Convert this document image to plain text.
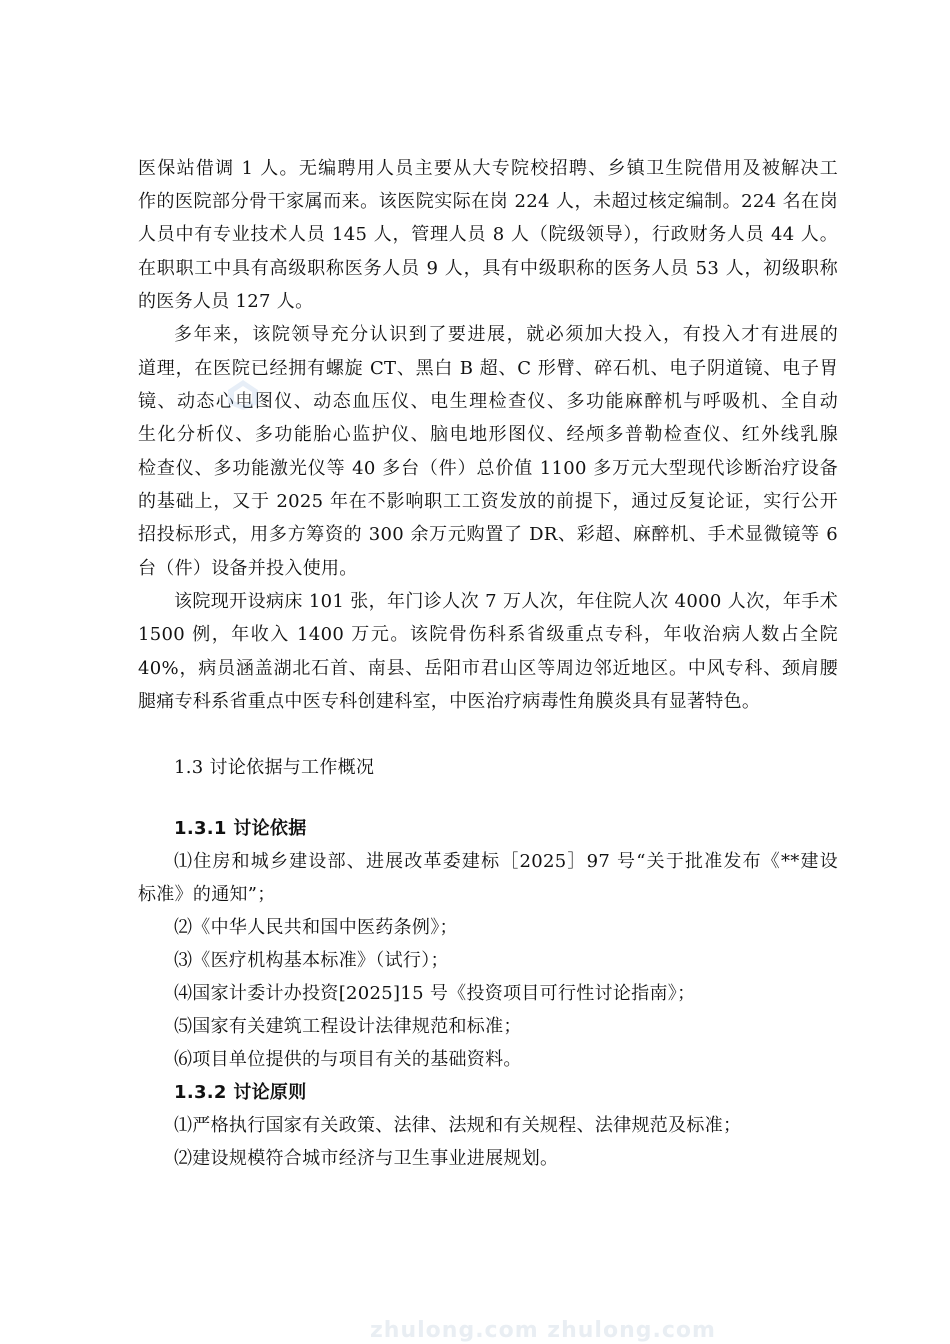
医保站借调 1 人。无编聘用人员主要从大专院校招聘、乡镇卫生院借用及被解决工
作的医院部分骨干家属而来。该医院实际在岗 224 人，未超过核定编制。224 名在岗
人员中有专业技术人员 145 人，管理人员 8 人（院级领导），行政财务人员 44 人。
在职职工中具有高级职称医务人员 9 人，具有中级职称的医务人员 53 人，初级职称
的医务人员 127 人。
多年来，该院领导充分认识到了要进展，就必须加大投入，有投入才有进展的
道理，在医院已经拥有螺旋 CT、黑白 B 超、C 形臂、碎石机、电子阴道镜、电子胃
镜、动态心电图仪、动态血压仪、电生理检查仪、多功能麻醉机与呼吸机、全自动
生化分析仪、多功能胎心监护仪、脑电地形图仪、经颅多普勒检查仪、红外线乳腺
检查仪、多功能激光仪等 40 多台（件）总价值 1100 多万元大型现代诊断治疗设备
的基础上，又于 2025 年在不影响职工工资发放的前提下，通过反复论证，实行公开
招投标形式，用多方筹资的 300 余万元购置了 DR、彩超、麻醉机、手术显微镜等 6
台（件）设备并投入使用。
该院现开设病床 101 张，年门诊人次 7 万人次，年住院人次 4000 人次，年手术
1500 例，年收入 1400 万元。该院骨伤科系省级重点专科，年收治病人数占全院
40%，病员涵盖湖北石首、南县、岳阳市君山区等周边邻近地区。中风专科、颈肩腰
腿痛专科系省重点中医专科创建科室，中医治疗病毒性角膜炎具有显著特色。
1.3 讨论依据与工作概况
1.3.1 讨论依据
⑴住房和城乡建设部、进展改革委建标［2025］97 号“关于批准发布《**建设
标准》的通知”；
⑵《中华人民共和国中医药条例》；
⑶《医疗机构基本标准》（试行）；
⑷国家计委计办投资[2025]15 号《投资项目可行性讨论指南》；
⑸国家有关建筑工程设计法律规范和标准；
⑹项目单位提供的与项目有关的基础资料。
1.3.2 讨论原则
⑴严格执行国家有关政策、法律、法规和有关规程、法律规范及标准；
⑵建设规模符合城市经济与卫生事业进展规划。
zhulong.com zhulong.com
